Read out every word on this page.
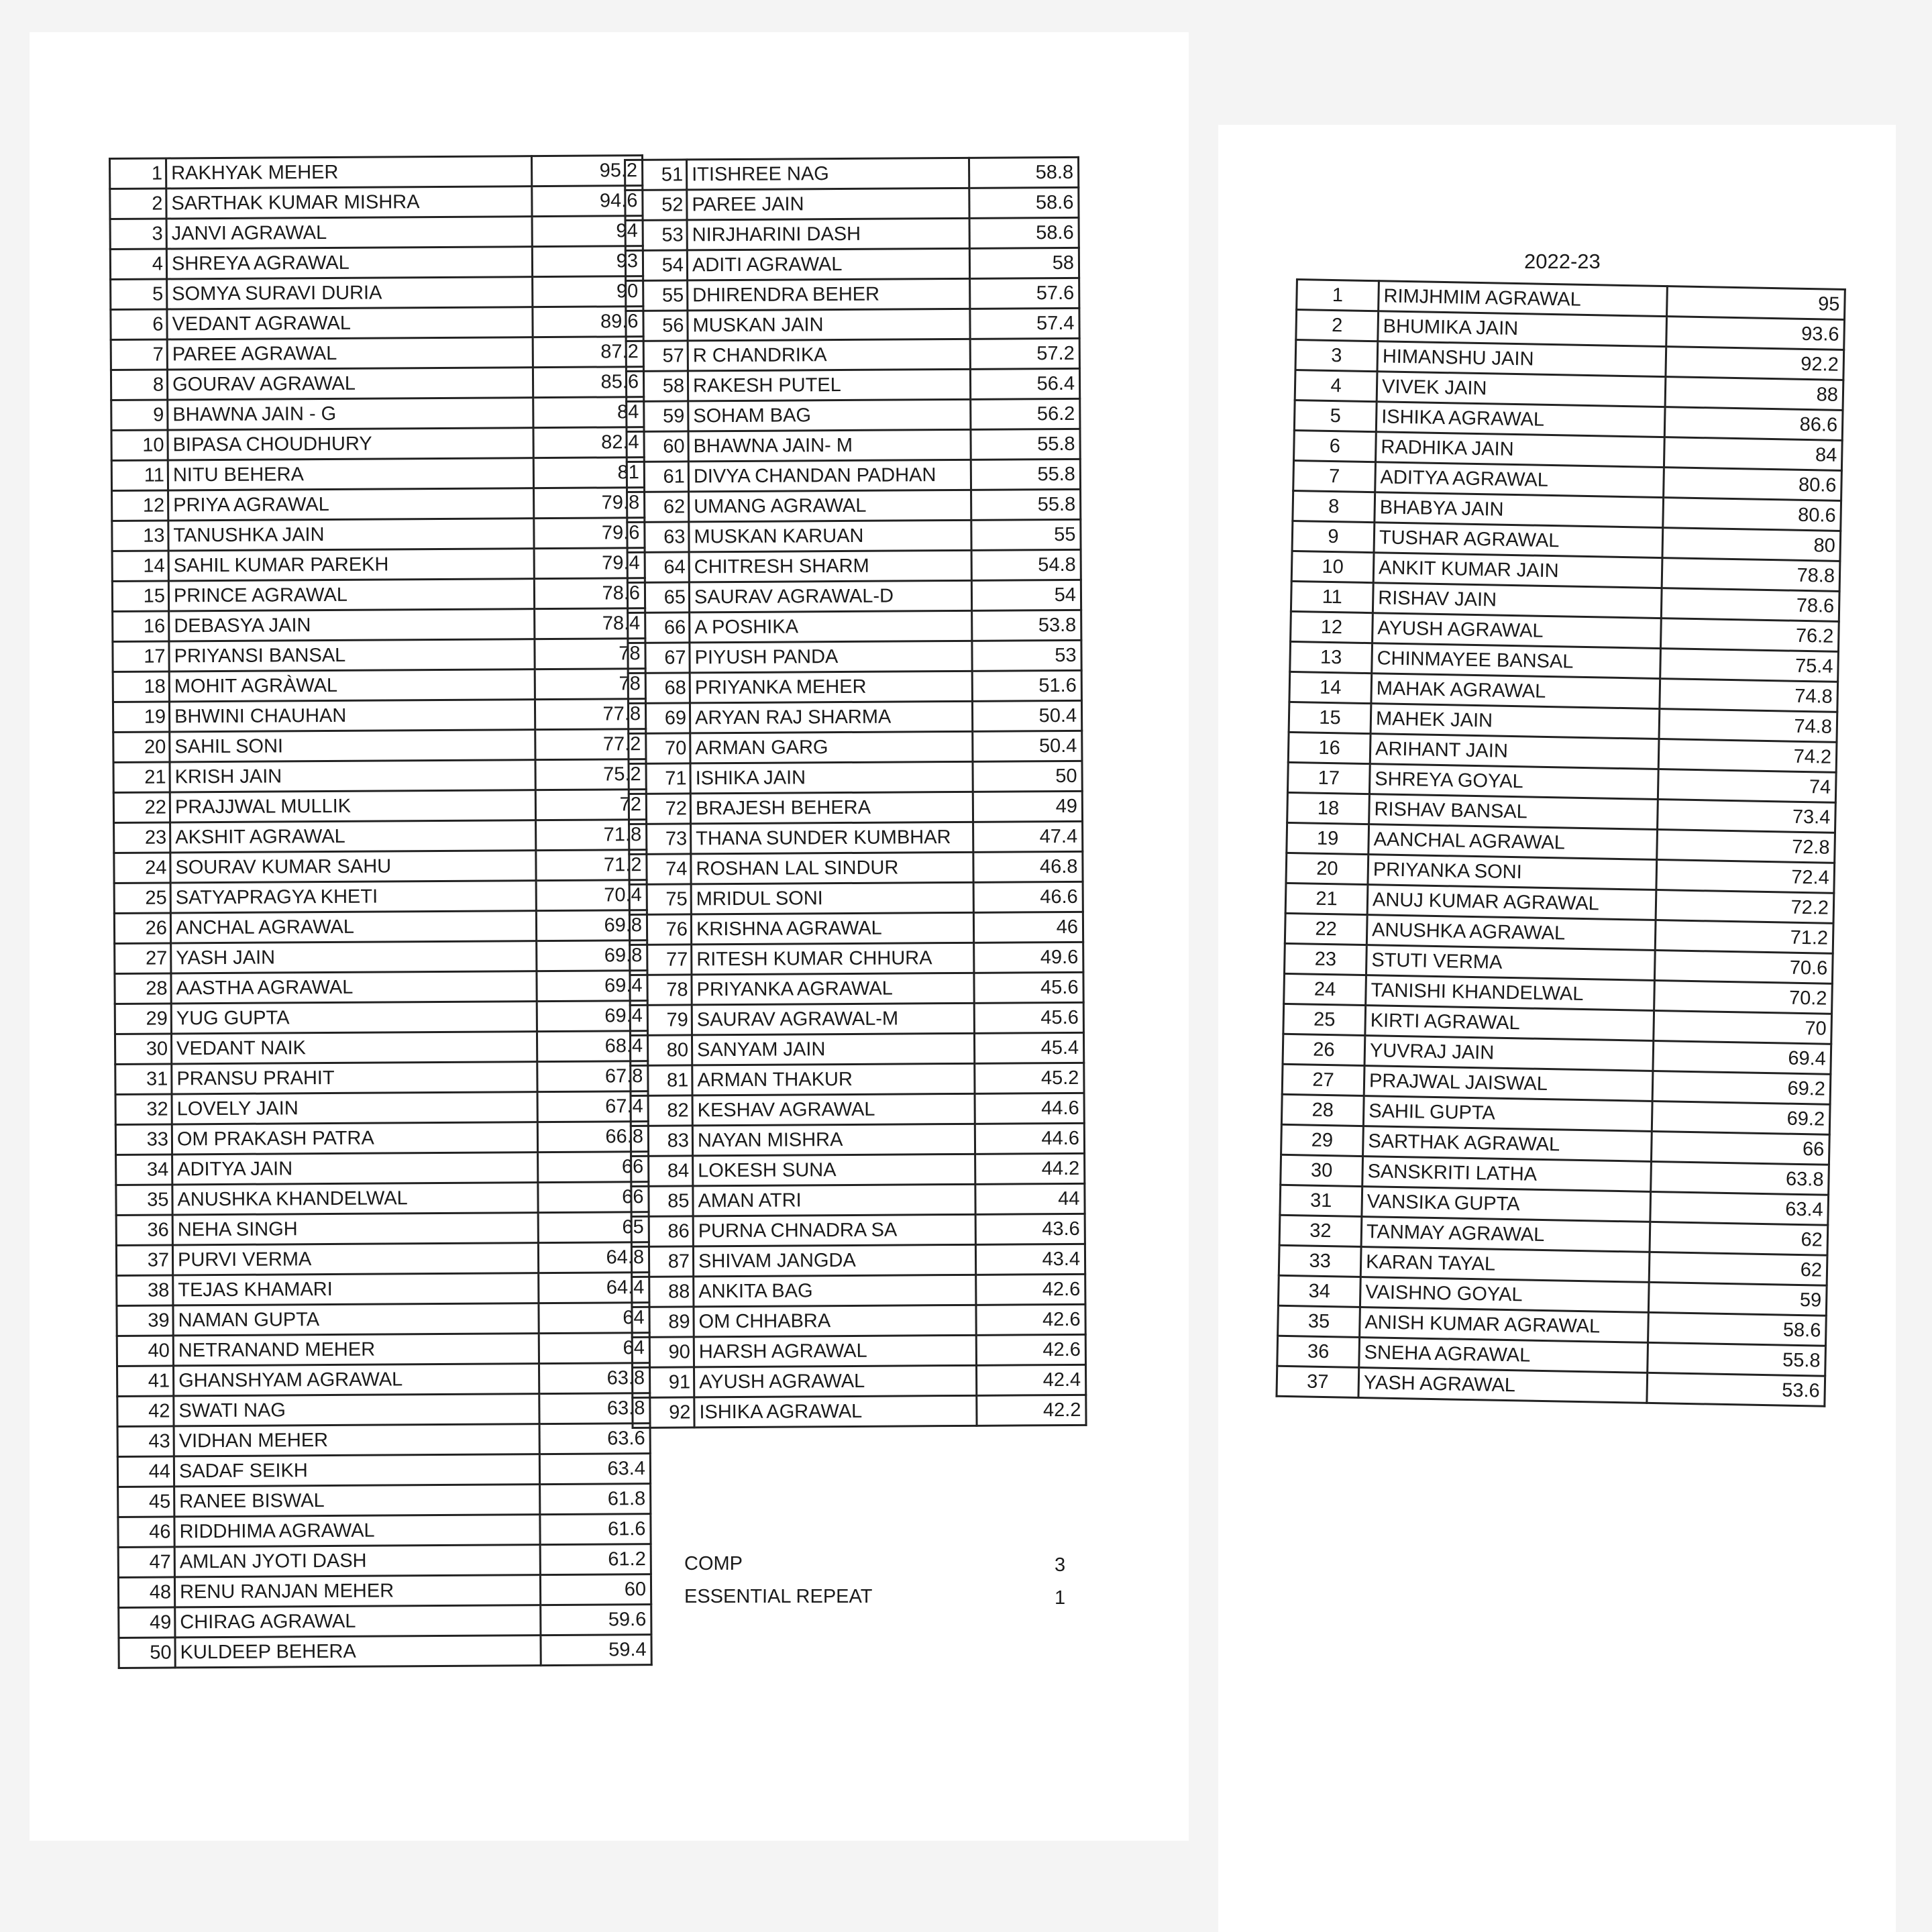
1	RAKHYAK MEHER	95.2
2	SARTHAK KUMAR MISHRA	94.6
3	JANVI AGRAWAL	94
4	SHREYA AGRAWAL	93
5	SOMYA SURAVI DURIA	90
6	VEDANT AGRAWAL	89.6
7	PAREE AGRAWAL	87.2
8	GOURAV AGRAWAL	85.6
9	BHAWNA JAIN - G	84
10	BIPASA CHOUDHURY	82.4
11	NITU BEHERA	81
12	PRIYA AGRAWAL	79.8
13	TANUSHKA JAIN	79.6
14	SAHIL KUMAR PAREKH	79.4
15	PRINCE AGRAWAL	78.6
16	DEBASYA JAIN	78.4
17	PRIYANSI BANSAL	78
18	MOHIT AGRÀWAL	78
19	BHWINI CHAUHAN	77.8
20	SAHIL SONI	77.2
21	KRISH JAIN	75.2
22	PRAJJWAL MULLIK	72
23	AKSHIT AGRAWAL	71.8
24	SOURAV KUMAR SAHU	71.2
25	SATYAPRAGYA KHETI	70.4
26	ANCHAL AGRAWAL	69.8
27	YASH JAIN	69.8
28	AASTHA AGRAWAL	69.4
29	YUG GUPTA	69.4
30	VEDANT NAIK	68.4
31	PRANSU PRAHIT	67.8
32	LOVELY JAIN	67.4
33	OM PRAKASH PATRA	66.8
34	ADITYA JAIN	66
35	ANUSHKA KHANDELWAL	66
36	NEHA SINGH	65
37	PURVI VERMA	64.8
38	TEJAS KHAMARI	64.4
39	NAMAN GUPTA	64
40	NETRANAND MEHER	64
41	GHANSHYAM AGRAWAL	63.8
42	SWATI NAG	63.8
43	VIDHAN MEHER	63.6
44	SADAF SEIKH	63.4
45	RANEE BISWAL	61.8
46	RIDDHIMA AGRAWAL	61.6
47	AMLAN JYOTI DASH	61.2
48	RENU RANJAN MEHER	60
49	CHIRAG AGRAWAL	59.6
50	KULDEEP BEHERA	59.4
51	ITISHREE NAG	58.8
52	PAREE JAIN	58.6
53	NIRJHARINI DASH	58.6
54	ADITI AGRAWAL	58
55	DHIRENDRA BEHER	57.6
56	MUSKAN JAIN	57.4
57	R CHANDRIKA	57.2
58	RAKESH PUTEL	56.4
59	SOHAM BAG	56.2
60	BHAWNA JAIN- M	55.8
61	DIVYA CHANDAN PADHAN	55.8
62	UMANG AGRAWAL	55.8
63	MUSKAN KARUAN	55
64	CHITRESH SHARM	54.8
65	SAURAV AGRAWAL-D	54
66	A POSHIKA	53.8
67	PIYUSH PANDA	53
68	PRIYANKA MEHER	51.6
69	ARYAN RAJ SHARMA	50.4
70	ARMAN GARG	50.4
71	ISHIKA JAIN	50
72	BRAJESH BEHERA	49
73	THANA SUNDER KUMBHAR	47.4
74	ROSHAN LAL SINDUR	46.8
75	MRIDUL SONI	46.6
76	KRISHNA AGRAWAL	46
77	RITESH KUMAR CHHURA	49.6
78	PRIYANKA AGRAWAL	45.6
79	SAURAV AGRAWAL-M	45.6
80	SANYAM JAIN	45.4
81	ARMAN THAKUR	45.2
82	KESHAV AGRAWAL	44.6
83	NAYAN MISHRA	44.6
84	LOKESH SUNA	44.2
85	AMAN ATRI	44
86	PURNA CHNADRA SA	43.6
87	SHIVAM JANGDA	43.4
88	ANKITA BAG	42.6
89	OM CHHABRA	42.6
90	HARSH AGRAWAL	42.6
91	AYUSH AGRAWAL	42.4
92	ISHIKA AGRAWAL	42.2
COMP	3
ESSENTIAL REPEAT	1
2022-23
1	RIMJHMIM AGRAWAL	95
2	BHUMIKA JAIN	93.6
3	HIMANSHU JAIN	92.2
4	VIVEK JAIN	88
5	ISHIKA AGRAWAL	86.6
6	RADHIKA JAIN	84
7	ADITYA AGRAWAL	80.6
8	BHABYA JAIN	80.6
9	TUSHAR AGRAWAL	80
10	ANKIT KUMAR JAIN	78.8
11	RISHAV JAIN	78.6
12	AYUSH AGRAWAL	76.2
13	CHINMAYEE BANSAL	75.4
14	MAHAK AGRAWAL	74.8
15	MAHEK JAIN	74.8
16	ARIHANT JAIN	74.2
17	SHREYA GOYAL	74
18	RISHAV BANSAL	73.4
19	AANCHAL AGRAWAL	72.8
20	PRIYANKA SONI	72.4
21	ANUJ KUMAR AGRAWAL	72.2
22	ANUSHKA AGRAWAL	71.2
23	STUTI VERMA	70.6
24	TANISHI KHANDELWAL	70.2
25	KIRTI AGRAWAL	70
26	YUVRAJ JAIN	69.4
27	PRAJWAL JAISWAL	69.2
28	SAHIL GUPTA	69.2
29	SARTHAK AGRAWAL	66
30	SANSKRITI LATHA	63.8
31	VANSIKA GUPTA	63.4
32	TANMAY AGRAWAL	62
33	KARAN TAYAL	62
34	VAISHNO GOYAL	59
35	ANISH KUMAR AGRAWAL	58.6
36	SNEHA AGRAWAL	55.8
37	YASH AGRAWAL	53.6
